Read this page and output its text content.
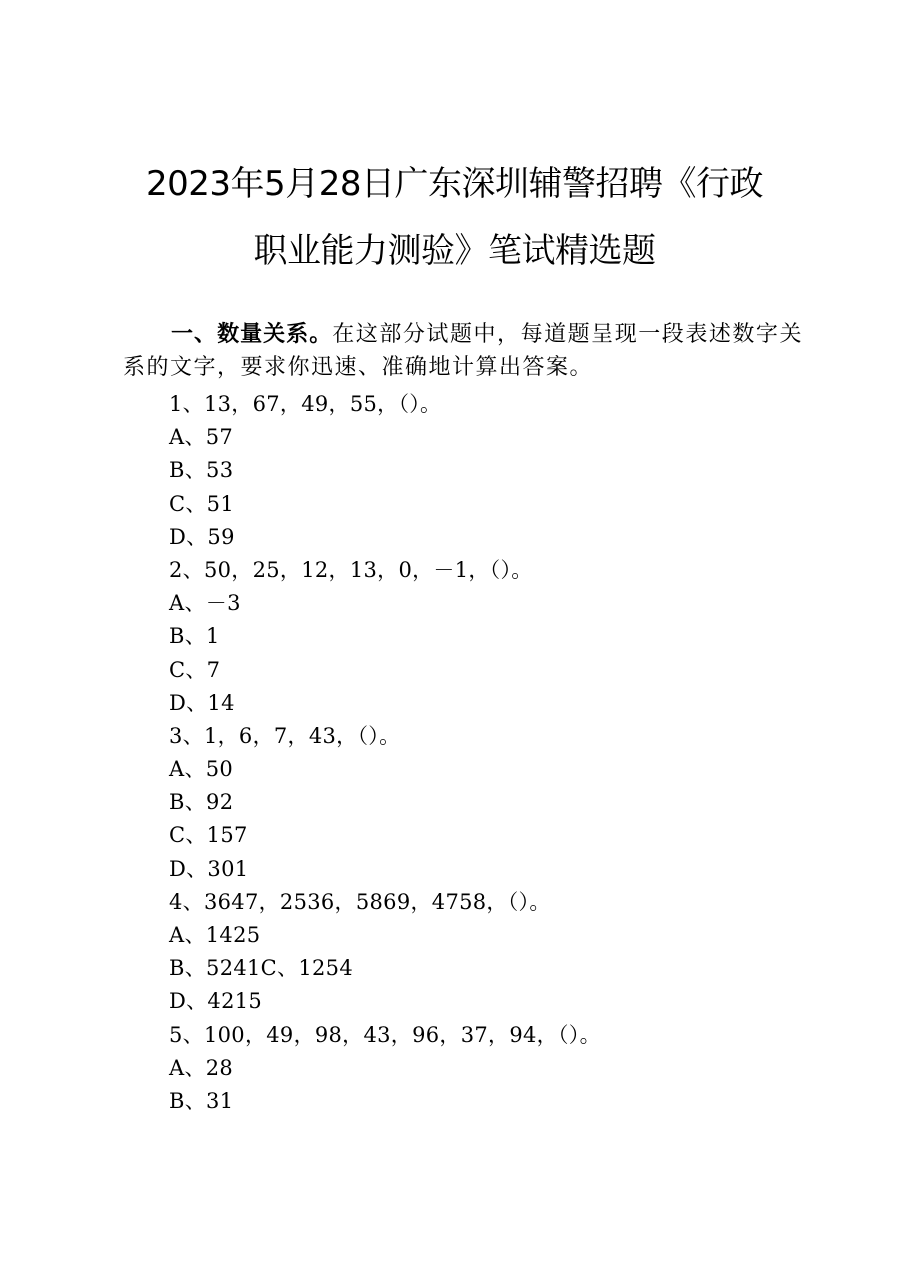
2023年5月28日广东深圳辅警招聘《行政
职业能力测验》笔试精选题

一、数量关系。在这部分试题中，每道题呈现一段表述数字关系的文字，要求你迅速、准确地计算出答案。

1、13，67，49，55，（）。
A、57
B、53
C、51
D、59
2、50，25，12，13，0，－1，（）。
A、－3
B、1
C、7
D、14
3、1，6，7，43，（）。
A、50
B、92
C、157
D、301
4、3647，2536，5869，4758，（）。
A、1425
B、5241C、1254
D、4215
5、100，49，98，43，96，37，94，（）。
A、28
B、31
